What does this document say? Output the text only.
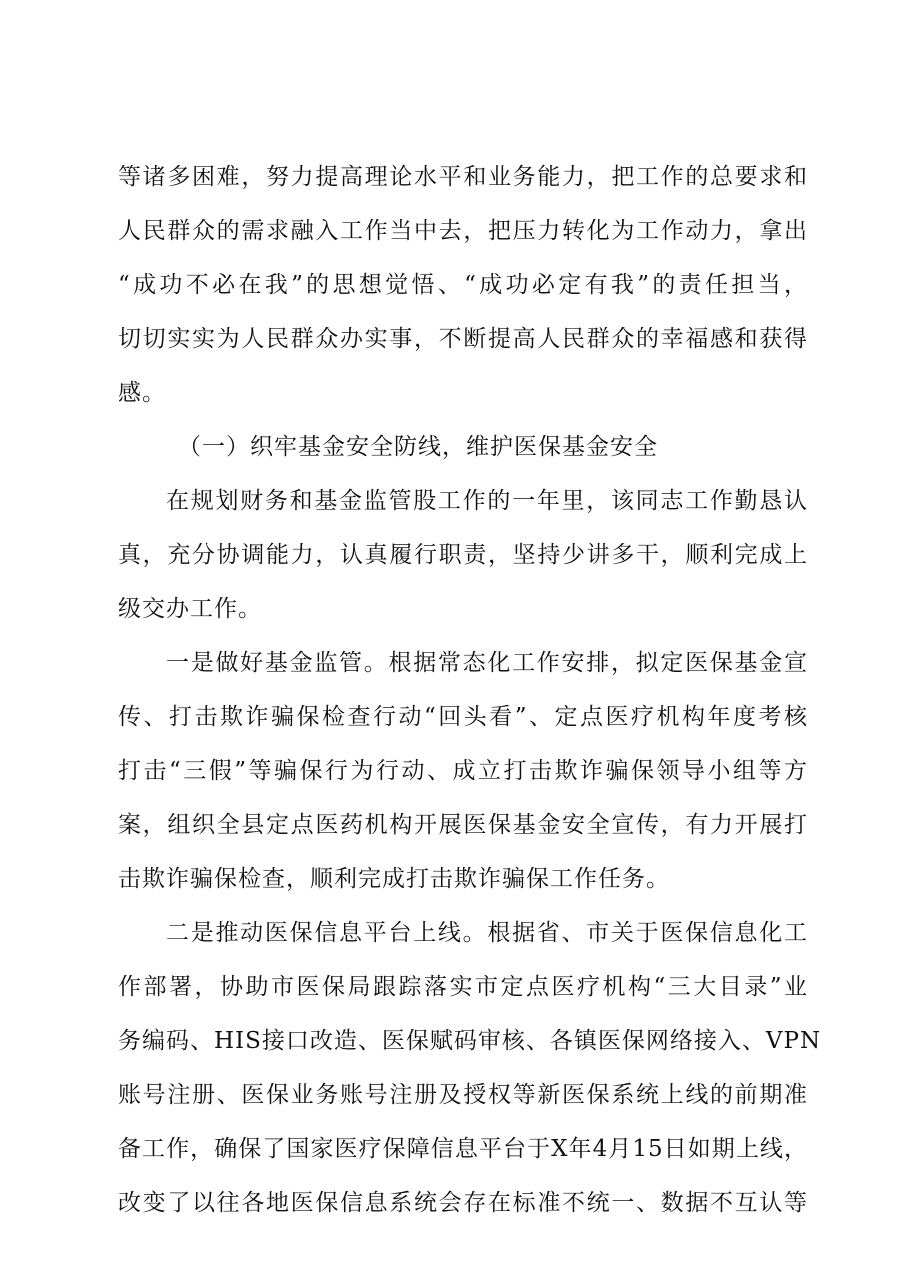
等诸多困难，努力提高理论水平和业务能力，把工作的总要求和
人民群众的需求融入工作当中去，把压力转化为工作动力，拿出
“成功不必在我”的思想觉悟、“成功必定有我”的责任担当，
切切实实为人民群众办实事，不断提高人民群众的幸福感和获得
感。
（一）织牢基金安全防线，维护医保基金安全
在规划财务和基金监管股工作的一年里，该同志工作勤恳认
真，充分协调能力，认真履行职责，坚持少讲多干，顺利完成上
级交办工作。
一是做好基金监管。根据常态化工作安排，拟定医保基金宣
传、打击欺诈骗保检查行动“回头看”、定点医疗机构年度考核
打击“三假”等骗保行为行动、成立打击欺诈骗保领导小组等方
案，组织全县定点医药机构开展医保基金安全宣传，有力开展打
击欺诈骗保检查，顺利完成打击欺诈骗保工作任务。
二是推动医保信息平台上线。根据省、市关于医保信息化工
作部署，协助市医保局跟踪落实市定点医疗机构“三大目录”业
务编码、HIS接口改造、医保赋码审核、各镇医保网络接入、VPN
账号注册、医保业务账号注册及授权等新医保系统上线的前期准
备工作，确保了国家医疗保障信息平台于X年4月15日如期上线，
改变了以往各地医保信息系统会存在标准不统一、数据不互认等
